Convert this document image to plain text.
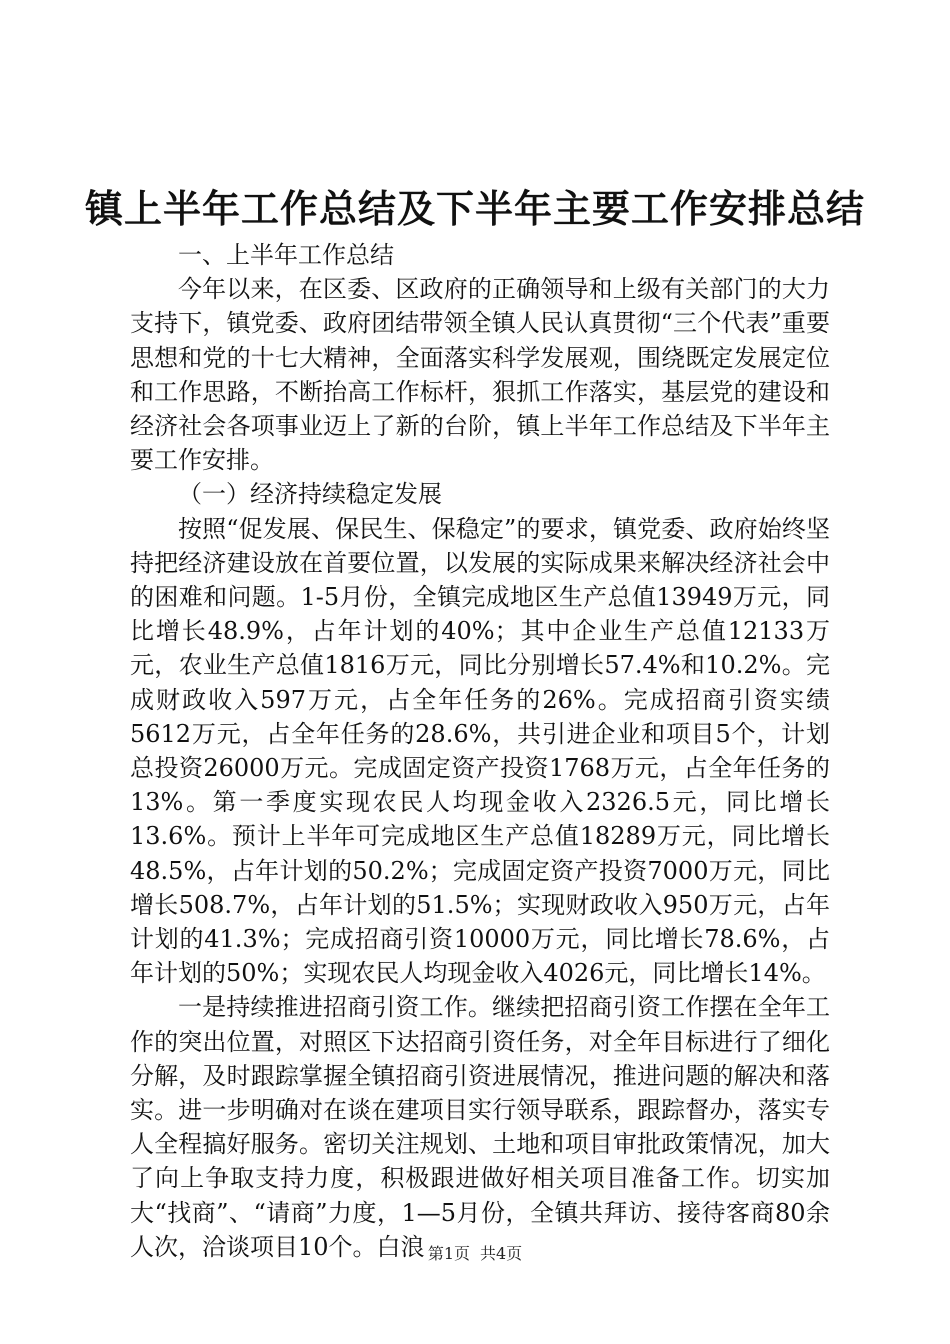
镇上半年工作总结及下半年主要工作安排总结

一、上半年工作总结

今年以来，在区委、区政府的正确领导和上级有关部门的大力支持下，镇党委、政府团结带领全镇人民认真贯彻“三个代表”重要思想和党的十七大精神，全面落实科学发展观，围绕既定发展定位和工作思路，不断抬高工作标杆，狠抓工作落实，基层党的建设和经济社会各项事业迈上了新的台阶，镇上半年工作总结及下半年主要工作安排。

（一）经济持续稳定发展

按照“促发展、保民生、保稳定”的要求，镇党委、政府始终坚持把经济建设放在首要位置，以发展的实际成果来解决经济社会中的困难和问题。1-5月份，全镇完成地区生产总值13949万元，同比增长48.9%，占年计划的40%；其中企业生产总值12133万元，农业生产总值1816万元，同比分别增长57.4%和10.2%。完成财政收入597万元，占全年任务的26%。完成招商引资实绩5612万元，占全年任务的28.6%，共引进企业和项目5个，计划总投资26000万元。完成固定资产投资1768万元，占全年任务的13%。第一季度实现农民人均现金收入2326.5元，同比增长13.6%。预计上半年可完成地区生产总值18289万元，同比增长48.5%，占年计划的50.2%；完成固定资产投资7000万元，同比增长508.7%，占年计划的51.5%；实现财政收入950万元，占年计划的41.3%；完成招商引资10000万元，同比增长78.6%，占年计划的50%；实现农民人均现金收入4026元，同比增长14%。

一是持续推进招商引资工作。继续把招商引资工作摆在全年工作的突出位置，对照区下达招商引资任务，对全年目标进行了细化分解，及时跟踪掌握全镇招商引资进展情况，推进问题的解决和落实。进一步明确对在谈在建项目实行领导联系，跟踪督办，落实专人全程搞好服务。密切关注规划、土地和项目审批政策情况，加大了向上争取支持力度，积极跟进做好相关项目准备工作。切实加大“找商”、“请商”力度，1—5月份，全镇共拜访、接待客商80余人次，洽谈项目10个。白浪 第1页 共4页
